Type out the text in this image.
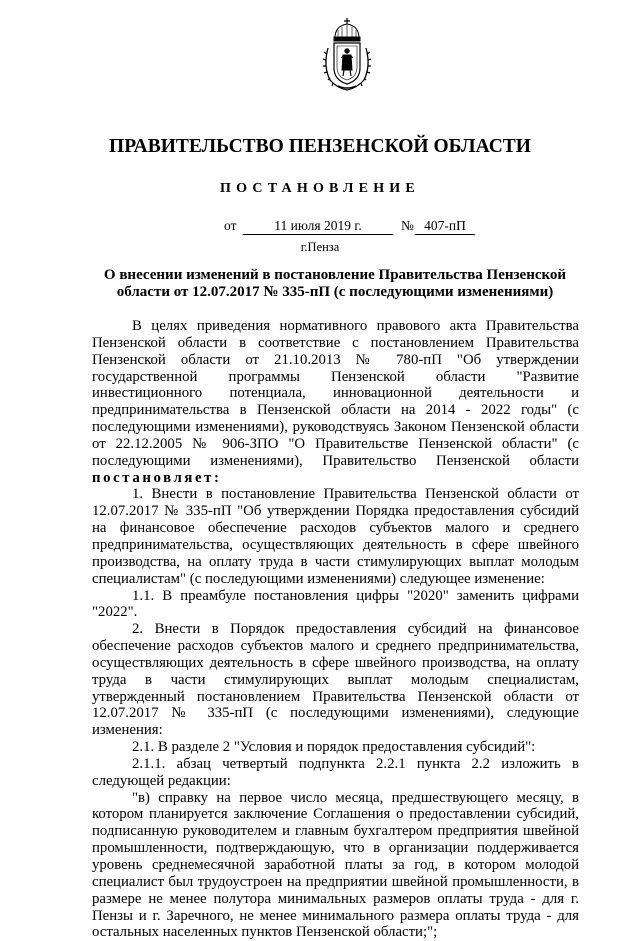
ПРАВИТЕЛЬСТВО ПЕНЗЕНСКОЙ ОБЛАСТИ
ПОСТАНОВЛЕНИЕ
от	11 июля 2019 г.	№ 407-пП
г.Пенза
О внесении изменений в постановление Правительства Пензенской области от 12.07.2017 № 335-пП (с последующими изменениями)

В целях приведения нормативного правового акта Правительства Пензенской области в соответствие с постановлением Правительства Пензенской области от 21.10.2013 № 780-пП "Об утверждении государственной программы Пензенской области "Развитие инвестиционного потенциала, инновационной деятельности и предпринимательства в Пензенской области на 2014 - 2022 годы" (с последующими изменениями), руководствуясь Законом Пензенской области от 22.12.2005 № 906-ЗПО "О Правительстве Пензенской области" (с последующими изменениями), Правительство Пензенской области постановляет:

1. Внести в постановление Правительства Пензенской области от 12.07.2017 № 335-пП "Об утверждении Порядка предоставления субсидий на финансовое обеспечение расходов субъектов малого и среднего предпринимательства, осуществляющих деятельность в сфере швейного производства, на оплату труда в части стимулирующих выплат молодым специалистам" (с последующими изменениями) следующее изменение:

1.1. В преамбуле постановления цифры "2020" заменить цифрами "2022".

2. Внести в Порядок предоставления субсидий на финансовое обеспечение расходов субъектов малого и среднего предпринимательства, осуществляющих деятельность в сфере швейного производства, на оплату труда в части стимулирующих выплат молодым специалистам, утвержденный постановлением Правительства Пензенской области от 12.07.2017 № 335-пП (с последующими изменениями), следующие изменения:

2.1. В разделе 2 "Условия и порядок предоставления субсидий":

2.1.1. абзац четвертый подпункта 2.2.1 пункта 2.2 изложить в следующей редакции:

"в) справку на первое число месяца, предшествующего месяцу, в котором планируется заключение Соглашения о предоставлении субсидий, подписанную руководителем и главным бухгалтером предприятия швейной промышленности, подтверждающую, что в организации поддерживается уровень среднемесячной заработной платы за год, в котором молодой специалист был трудоустроен на предприятии швейной промышленности, в размере не менее полутора минимальных размеров оплаты труда - для г. Пензы и г. Заречного, не менее минимального размера оплаты труда - для остальных населенных пунктов Пензенской области;";
